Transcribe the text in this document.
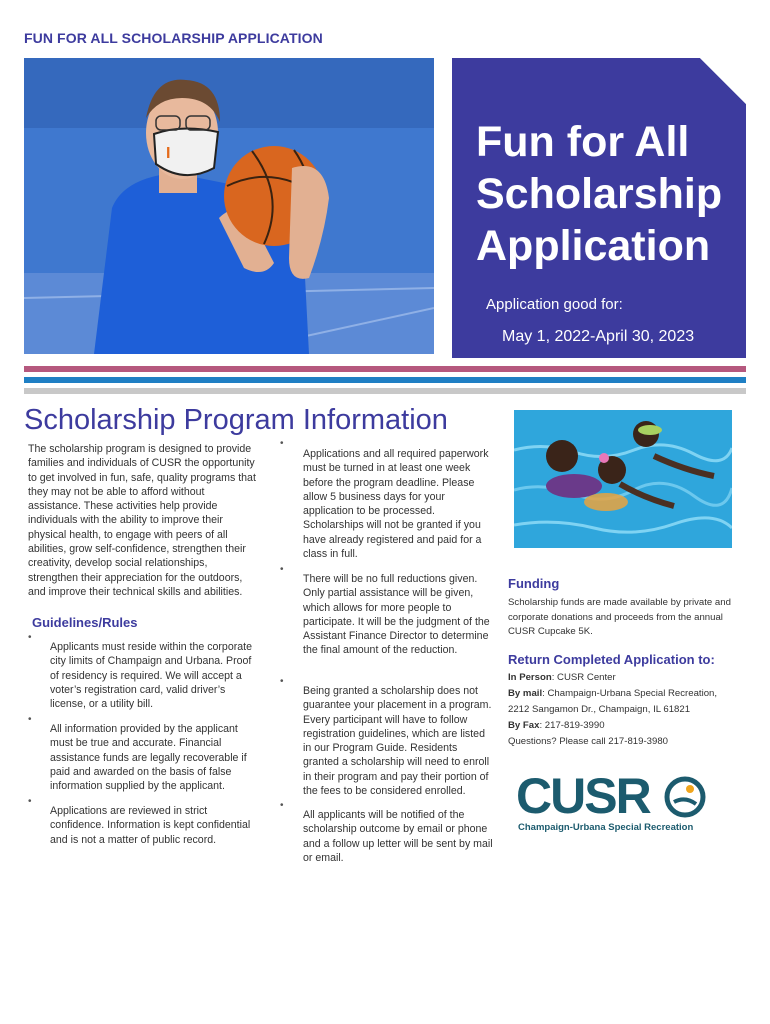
FUN FOR ALL SCHOLARSHIP APPLICATION
I	Fun for All
Scholarship
Application
Application good for:
May 1, 2022-April 30, 2023
Scholarship Program Information
The scholarship program is designed to provide families and individuals of CUSR the opportunity to get involved in fun, safe, quality programs that they may not be able to afford without assistance. These activities help provide individuals with the ability to improve their physical health, to engage with peers of all abilities, grow self-confidence, strengthen their creativity, develop social relationships, strengthen their appreciation for the outdoors, and improve their technical skills and abilities.
Guidelines/Rules
•
Applicants must reside within the corporate city limits of Champaign and Urbana. Proof of residency is required. We will accept a voter’s registration card, valid driver’s license, or a utility bill.
•
All information provided by the applicant must be true and accurate. Financial assistance funds are legally recoverable if paid and awarded on the basis of false information supplied by the applicant.
•
Applications are reviewed in strict confidence. Information is kept confidential and is not a matter of public record.
•
Applications and all required paperwork must be turned in at least one week before the program deadline. Please allow 5 business days for your application to be processed. Scholarships will not be granted if you have already registered and paid for a class in full.
•
There will be no full reductions given. Only partial assistance will be given, which allows for more people to participate. It will be the judgment of the Assistant Finance Director to determine the final amount of the reduction.
•
Being granted a scholarship does not guarantee your placement in a program. Every participant will have to follow registration guidelines, which are listed in our Program Guide. Residents granted a scholarship will need to enroll in their program and pay their portion of the fees to be considered enrolled.
•
All applicants will be notified of the scholarship outcome by email or phone and a follow up letter will be sent by mail or email.
Funding
Scholarship funds are made available by private and corporate donations and proceeds from the annual CUSR Cupcake 5K.
Return Completed Application to:
In Person: CUSR Center
By mail: Champaign-Urbana Special Recreation,
2212 Sangamon Dr., Champaign, IL 61821
By Fax: 217-819-3990
Questions? Please call 217-819-3980
CUSR
Champaign-Urbana Special Recreation
